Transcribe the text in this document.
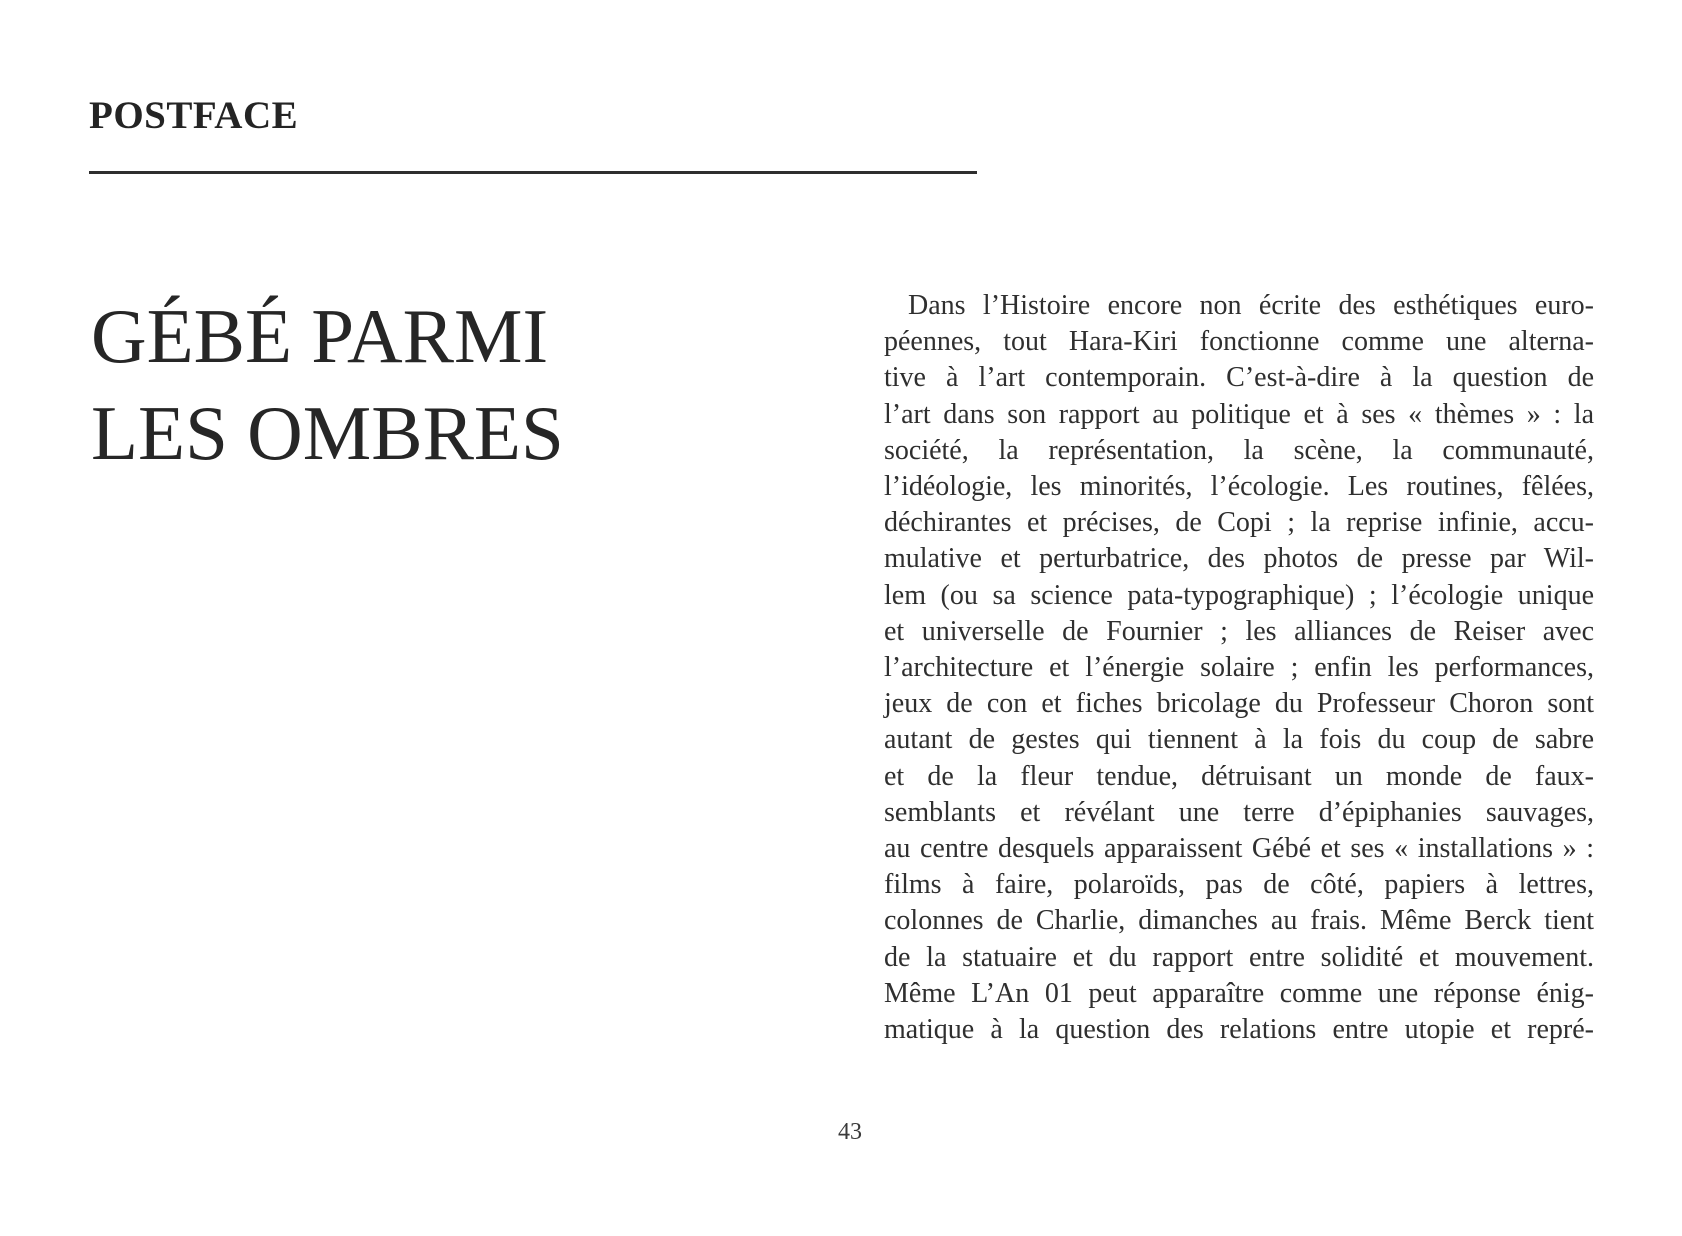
POSTFACE
GÉBÉ PARMI
LES OMBRES
Dans l’Histoire encore non écrite des esthétiques euro-
péennes, tout Hara-Kiri fonctionne comme une alterna-
tive à l’art contemporain. C’est-à-dire à la question de
l’art dans son rapport au politique et à ses « thèmes » : la
société, la représentation, la scène, la communauté,
l’idéologie, les minorités, l’écologie. Les routines, fêlées,
déchirantes et précises, de Copi ; la reprise infinie, accu-
mulative et perturbatrice, des photos de presse par Wil-
lem (ou sa science pata-typographique) ; l’écologie unique
et universelle de Fournier ; les alliances de Reiser avec
l’architecture et l’énergie solaire ; enfin les performances,
jeux de con et fiches bricolage du Professeur Choron sont
autant de gestes qui tiennent à la fois du coup de sabre
et de la fleur tendue, détruisant un monde de faux-
semblants et révélant une terre d’épiphanies sauvages,
au centre desquels apparaissent Gébé et ses « installations » :
films à faire, polaroïds, pas de côté, papiers à lettres,
colonnes de Charlie, dimanches au frais. Même Berck tient
de la statuaire et du rapport entre solidité et mouvement.
Même L’An 01 peut apparaître comme une réponse énig-
matique à la question des relations entre utopie et repré-
43
